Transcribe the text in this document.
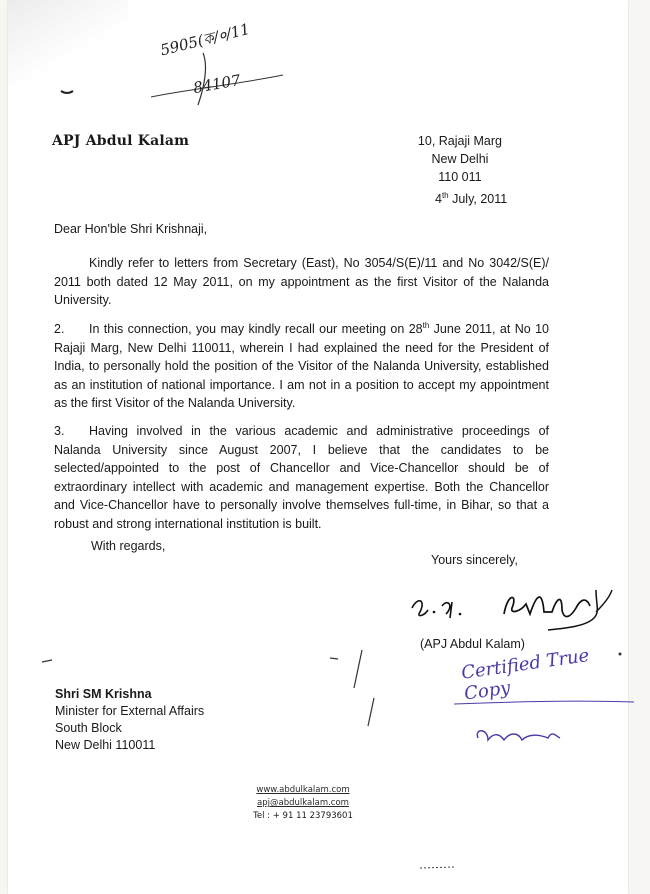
5905(ক/०/11
84107
APJ Abdul Kalam	10, Rajaji Marg
New Delhi
110 011
4th July, 2011
Dear Hon'ble Shri Krishnaji,
Kindly refer to letters from Secretary (East), No 3054/S(E)/11 and No 3042/S(E)/ 2011 both dated 12 May 2011, on my appointment as the first Visitor of the Nalanda University.
2. In this connection, you may kindly recall our meeting on 28th June 2011, at No 10 Rajaji Marg, New Delhi 110011, wherein I had explained the need for the President of India, to personally hold the position of the Visitor of the Nalanda University, established as an institution of national importance. I am not in a position to accept my appointment as the first Visitor of the Nalanda University.
3. Having involved in the various academic and administrative proceedings of Nalanda University since August 2007, I believe that the candidates to be selected/appointed to the post of Chancellor and Vice-Chancellor should be of extraordinary intellect with academic and management expertise. Both the Chancellor and Vice-Chancellor have to personally involve themselves full-time, in Bihar, so that a robust and strong international institution is built.
With regards,
Yours sincerely,
(APJ Abdul Kalam)
Shri SM Krishna
Minister for External Affairs
South Block
New Delhi 110011
Certified True Copy
www.abdulkalam.com
apj@abdulkalam.com
Tel : + 91 11 23793601
